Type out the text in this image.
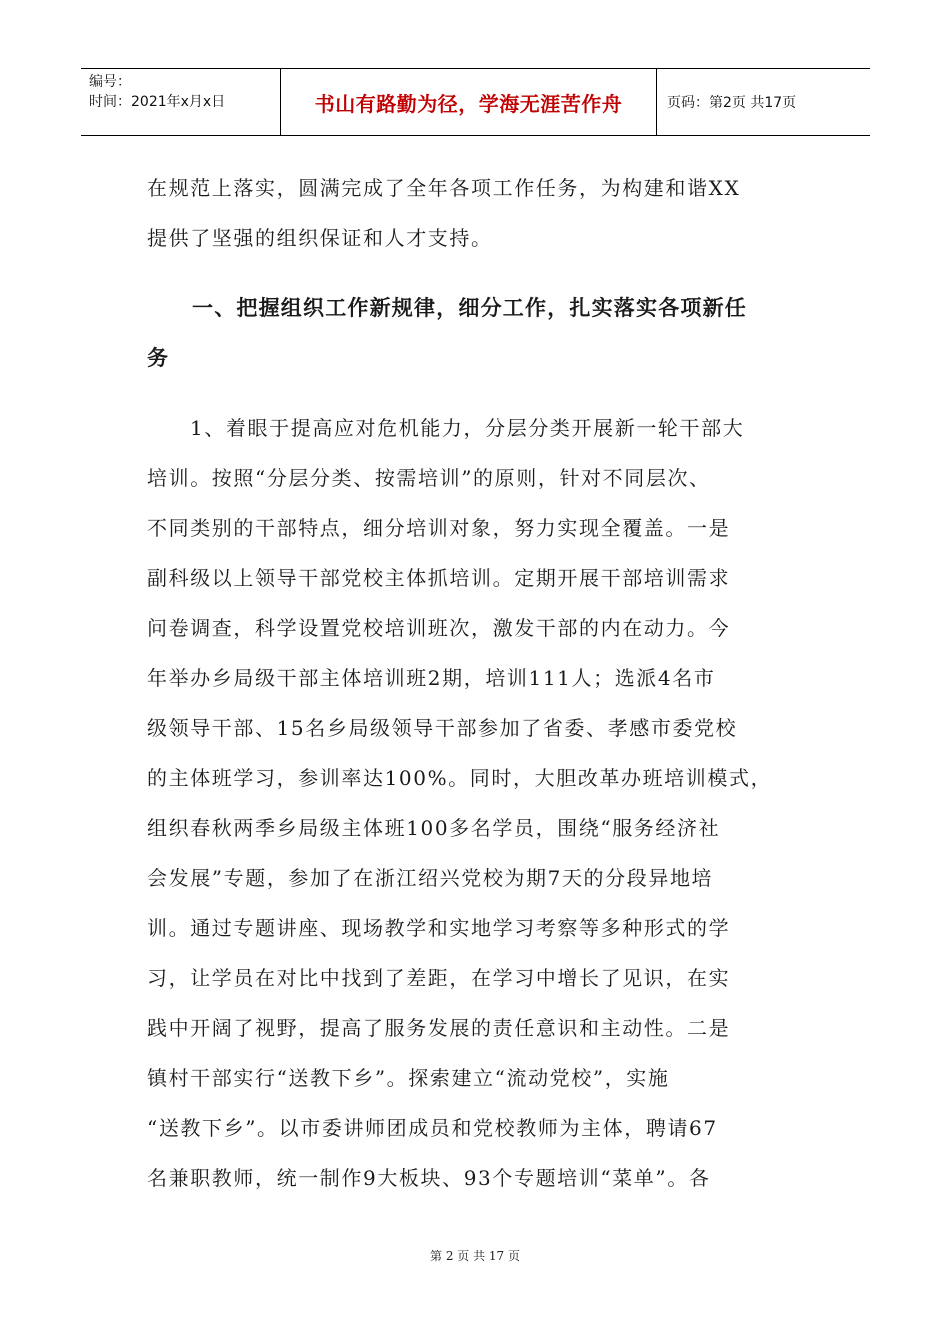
编号：
时间：2021年x月x日	书山有路勤为径，学海无涯苦作舟	页码：第2页 共17页
在规范上落实，圆满完成了全年各项工作任务，为构建和谐XX
提供了坚强的组织保证和人才支持。
一、把握组织工作新规律，细分工作，扎实落实各项新任
务
1、着眼于提高应对危机能力，分层分类开展新一轮干部大
培训。按照“分层分类、按需培训”的原则，针对不同层次、
不同类别的干部特点，细分培训对象，努力实现全覆盖。一是
副科级以上领导干部党校主体抓培训。定期开展干部培训需求
问卷调查，科学设置党校培训班次，激发干部的内在动力。今
年举办乡局级干部主体培训班2期，培训111人；选派4名市
级领导干部、15名乡局级领导干部参加了省委、孝感市委党校
的主体班学习，参训率达100%。同时，大胆改革办班培训模式，
组织春秋两季乡局级主体班100多名学员，围绕“服务经济社
会发展”专题，参加了在浙江绍兴党校为期7天的分段异地培
训。通过专题讲座、现场教学和实地学习考察等多种形式的学
习，让学员在对比中找到了差距，在学习中增长了见识，在实
践中开阔了视野，提高了服务发展的责任意识和主动性。二是
镇村干部实行“送教下乡”。探索建立“流动党校”，实施
“送教下乡”。以市委讲师团成员和党校教师为主体，聘请67
名兼职教师，统一制作9大板块、93个专题培训“菜单”。各
第 2 页 共 17 页
